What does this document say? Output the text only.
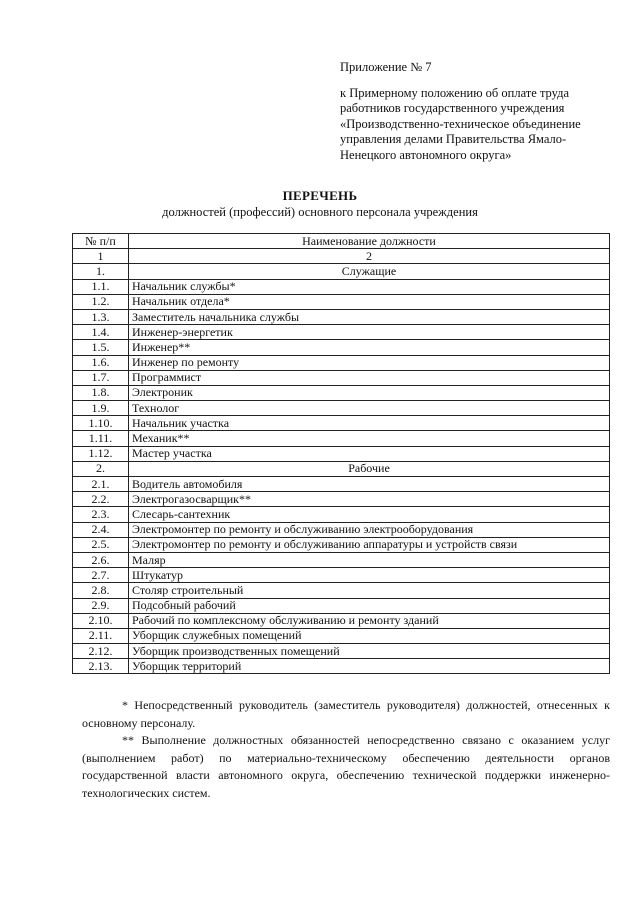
Приложение № 7
к Примерному положению об оплате труда работников государственного учреждения «Производственно-техническое объединение управления делами Правительства Ямало-Ненецкого автономного округа»
ПЕРЕЧЕНЬ
должностей (профессий) основного персонала учреждения
№ п/п	Наименование должности
1	2
1.	Служащие
1.1.	Начальник службы*
1.2.	Начальник отдела*
1.3.	Заместитель начальника службы
1.4.	Инженер-энергетик
1.5.	Инженер**
1.6.	Инженер по ремонту
1.7.	Программист
1.8.	Электроник
1.9.	Технолог
1.10.	Начальник участка
1.11.	Механик**
1.12.	Мастер участка
2.	Рабочие
2.1.	Водитель автомобиля
2.2.	Электрогазосварщик**
2.3.	Слесарь-сантехник
2.4.	Электромонтер по ремонту и обслуживанию электрооборудования
2.5.	Электромонтер по ремонту и обслуживанию аппаратуры и устройств связи
2.6.	Маляр
2.7.	Штукатур
2.8.	Столяр строительный
2.9.	Подсобный рабочий
2.10.	Рабочий по комплексному обслуживанию и ремонту зданий
2.11.	Уборщик служебных помещений
2.12.	Уборщик производственных помещений
2.13.	Уборщик территорий

* Непосредственный руководитель (заместитель руководителя) должностей, отнесенных к основному персоналу.

** Выполнение должностных обязанностей непосредственно связано с оказанием услуг (выполнением работ) по материально-техническому обеспечению деятельности органов государственной власти автономного округа, обеспечению технической поддержки инженерно-технологических систем.
